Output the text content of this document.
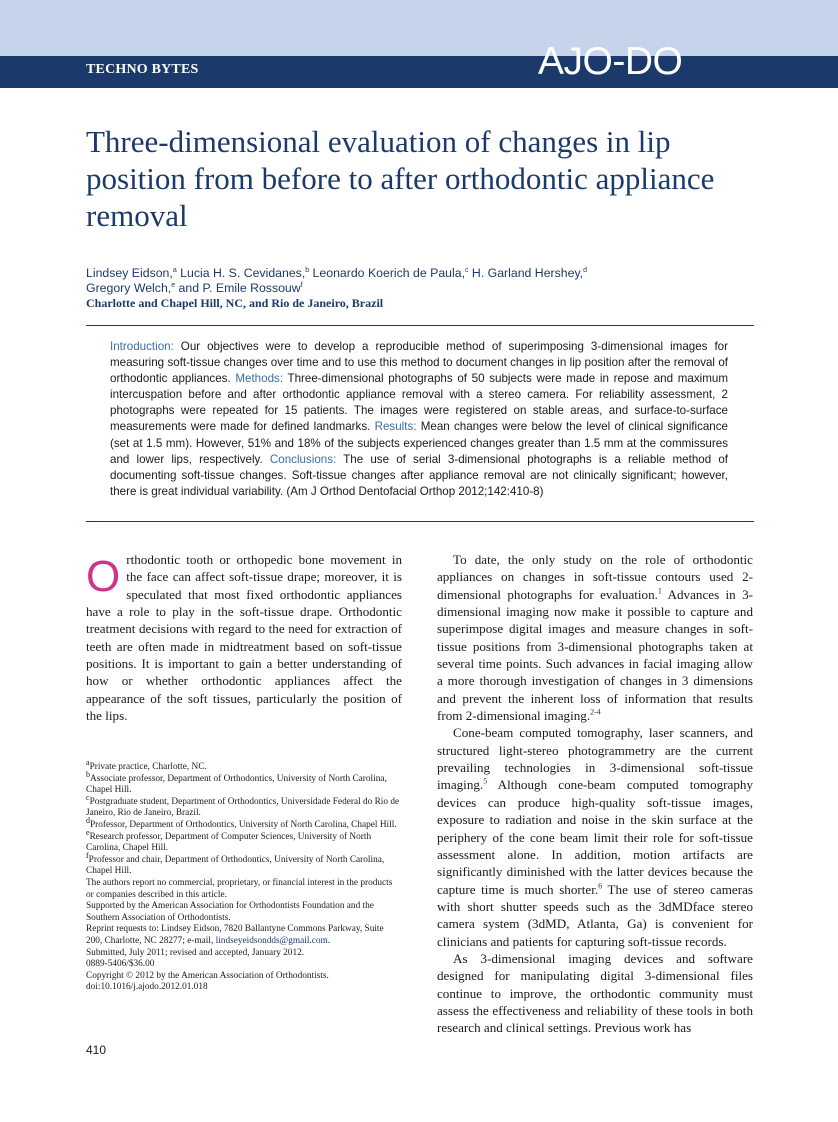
TECHNO BYTES	AJO-DO
Three-dimensional evaluation of changes in lip position from before to after orthodontic appliance removal

Lindsey Eidson,$^a$ Lucia H. S. Cevidanes,$^b$ Leonardo Koerich de Paula,$^c$ H. Garland Hershey,$^d$
Gregory Welch,$^e$ and P. Emile Rossouw$^f$

Charlotte and Chapel Hill, NC, and Rio de Janeiro, Brazil

Introduction: Our objectives were to develop a reproducible method of superimposing 3-dimensional images for measuring soft-tissue changes over time and to use this method to document changes in lip position after the removal of orthodontic appliances. Methods: Three-dimensional photographs of 50 subjects were made in repose and maximum intercuspation before and after orthodontic appliance removal with a stereo camera. For reliability assessment, 2 photographs were repeated for 15 patients. The images were registered on stable areas, and surface-to-surface measurements were made for defined landmarks. Results: Mean changes were below the level of clinical significance (set at 1.5 mm). However, 51% and 18% of the subjects experienced changes greater than 1.5 mm at the commissures and lower lips, respectively. Conclusions: The use of serial 3-dimensional photographs is a reliable method of documenting soft-tissue changes. Soft-tissue changes after appliance removal are not clinically significant; however, there is great individual variability. (Am J Orthod Dentofacial Orthop 2012;142:410-8)

Orthodontic tooth or orthopedic bone movement in the face can affect soft-tissue drape; moreover, it is speculated that most fixed orthodontic appliances have a role to play in the soft-tissue drape. Orthodontic treatment decisions with regard to the need for extraction of teeth are often made in midtreatment based on soft-tissue positions. It is important to gain a better understanding of how or whether orthodontic appliances affect the appearance of the soft tissues, particularly the position of the lips.

$^a$Private practice, Charlotte, NC.

$^b$Associate professor, Department of Orthodontics, University of North Carolina, Chapel Hill.

$^c$Postgraduate student, Department of Orthodontics, Universidade Federal do Rio de Janeiro, Rio de Janeiro, Brazil.

$^d$Professor, Department of Orthodontics, University of North Carolina, Chapel Hill.

$^e$Research professor, Department of Computer Sciences, University of North Carolina, Chapel Hill.

$^f$Professor and chair, Department of Orthodontics, University of North Carolina, Chapel Hill.

The authors report no commercial, proprietary, or financial interest in the products or companies described in this article.

Supported by the American Association for Orthodontists Foundation and the Southern Association of Orthodontists.

Reprint requests to: Lindsey Eidson, 7820 Ballantyne Commons Parkway, Suite 200, Charlotte, NC 28277; e-mail, lindseyeidsondds@gmail.com.

Submitted, July 2011; revised and accepted, January 2012.

0889-5406/$36.00

Copyright © 2012 by the American Association of Orthodontists.

doi:10.1016/j.ajodo.2012.01.018

410

To date, the only study on the role of orthodontic appliances on changes in soft-tissue contours used 2-dimensional photographs for evaluation.$^1$ Advances in 3-dimensional imaging now make it possible to capture and superimpose digital images and measure changes in soft-tissue positions from 3-dimensional photographs taken at several time points. Such advances in facial imaging allow a more thorough investigation of changes in 3 dimensions and prevent the inherent loss of information that results from 2-dimensional imaging.$^{2-4}$

Cone-beam computed tomography, laser scanners, and structured light-stereo photogrammetry are the current prevailing technologies in 3-dimensional soft-tissue imaging.$^5$ Although cone-beam computed tomography devices can produce high-quality soft-tissue images, exposure to radiation and noise in the skin surface at the periphery of the cone beam limit their role for soft-tissue assessment alone. In addition, motion artifacts are significantly diminished with the latter devices because the capture time is much shorter.$^6$ The use of stereo cameras with short shutter speeds such as the 3dMDface stereo camera system (3dMD, Atlanta, Ga) is convenient for clinicians and patients for capturing soft-tissue records.

As 3-dimensional imaging devices and software designed for manipulating digital 3-dimensional files continue to improve, the orthodontic community must assess the effectiveness and reliability of these tools in both research and clinical settings. Previous work has
